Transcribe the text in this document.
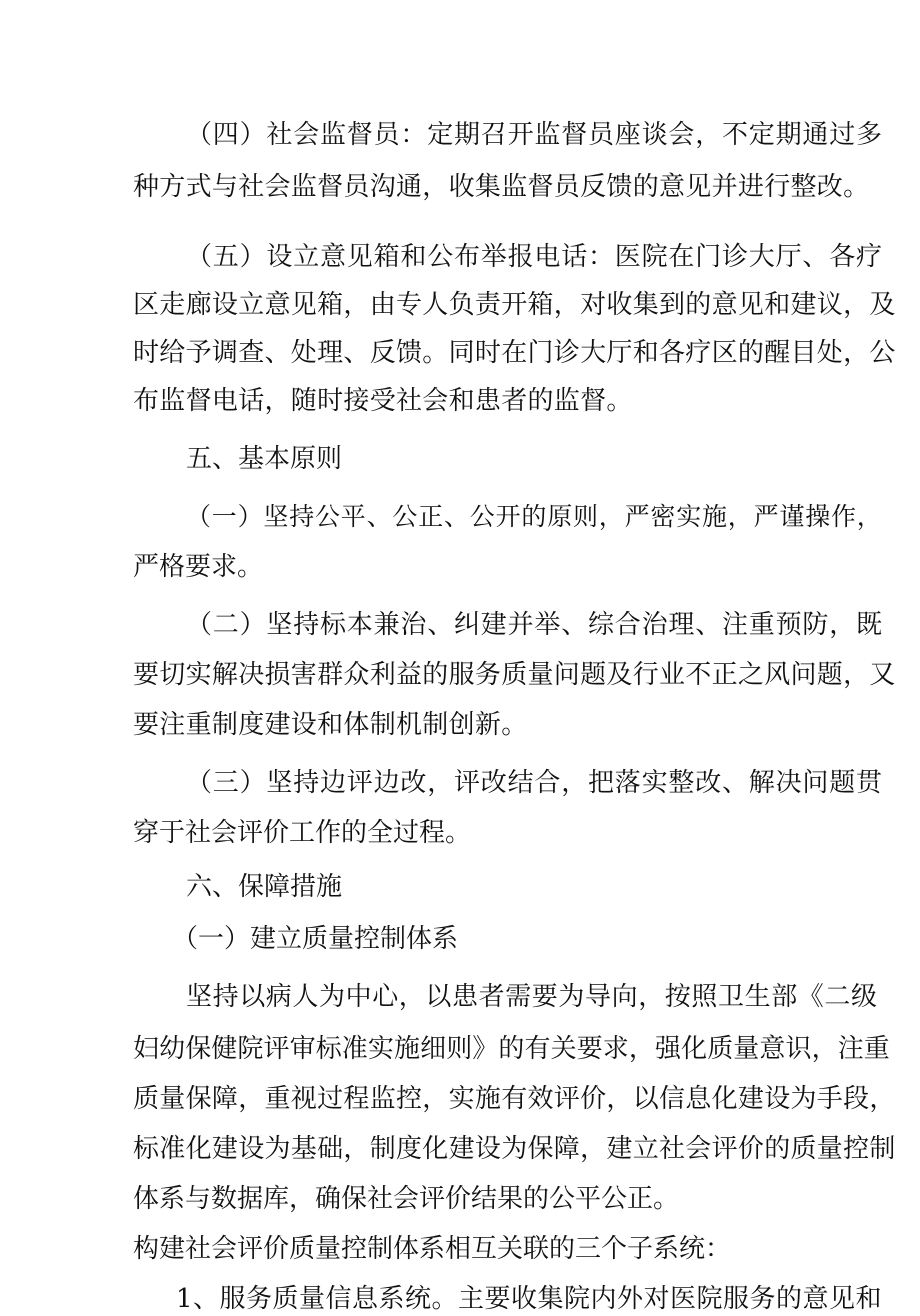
（四）社会监督员：定期召开监督员座谈会，不定期通过多

种方式与社会监督员沟通，收集监督员反馈的意见并进行整改。

（五）设立意见箱和公布举报电话：医院在门诊大厅、各疗

区走廊设立意见箱，由专人负责开箱，对收集到的意见和建议，及

时给予调查、处理、反馈。同时在门诊大厅和各疗区的醒目处，公

布监督电话，随时接受社会和患者的监督。

五、基本原则

（一）坚持公平、公正、公开的原则，严密实施，严谨操作，

严格要求。

（二）坚持标本兼治、纠建并举、综合治理、注重预防，既

要切实解决损害群众利益的服务质量问题及行业不正之风问题，又

要注重制度建设和体制机制创新。

（三）坚持边评边改，评改结合，把落实整改、解决问题贯

穿于社会评价工作的全过程。

六、保障措施

（一）建立质量控制体系

坚持以病人为中心，以患者需要为导向，按照卫生部《二级

妇幼保健院评审标准实施细则》的有关要求，强化质量意识，注重

质量保障，重视过程监控，实施有效评价，以信息化建设为手段，

标准化建设为基础，制度化建设为保障，建立社会评价的质量控制

体系与数据库，确保社会评价结果的公平公正。

构建社会评价质量控制体系相互关联的三个子系统：

1、服务质量信息系统。主要收集院内外对医院服务的意见和
